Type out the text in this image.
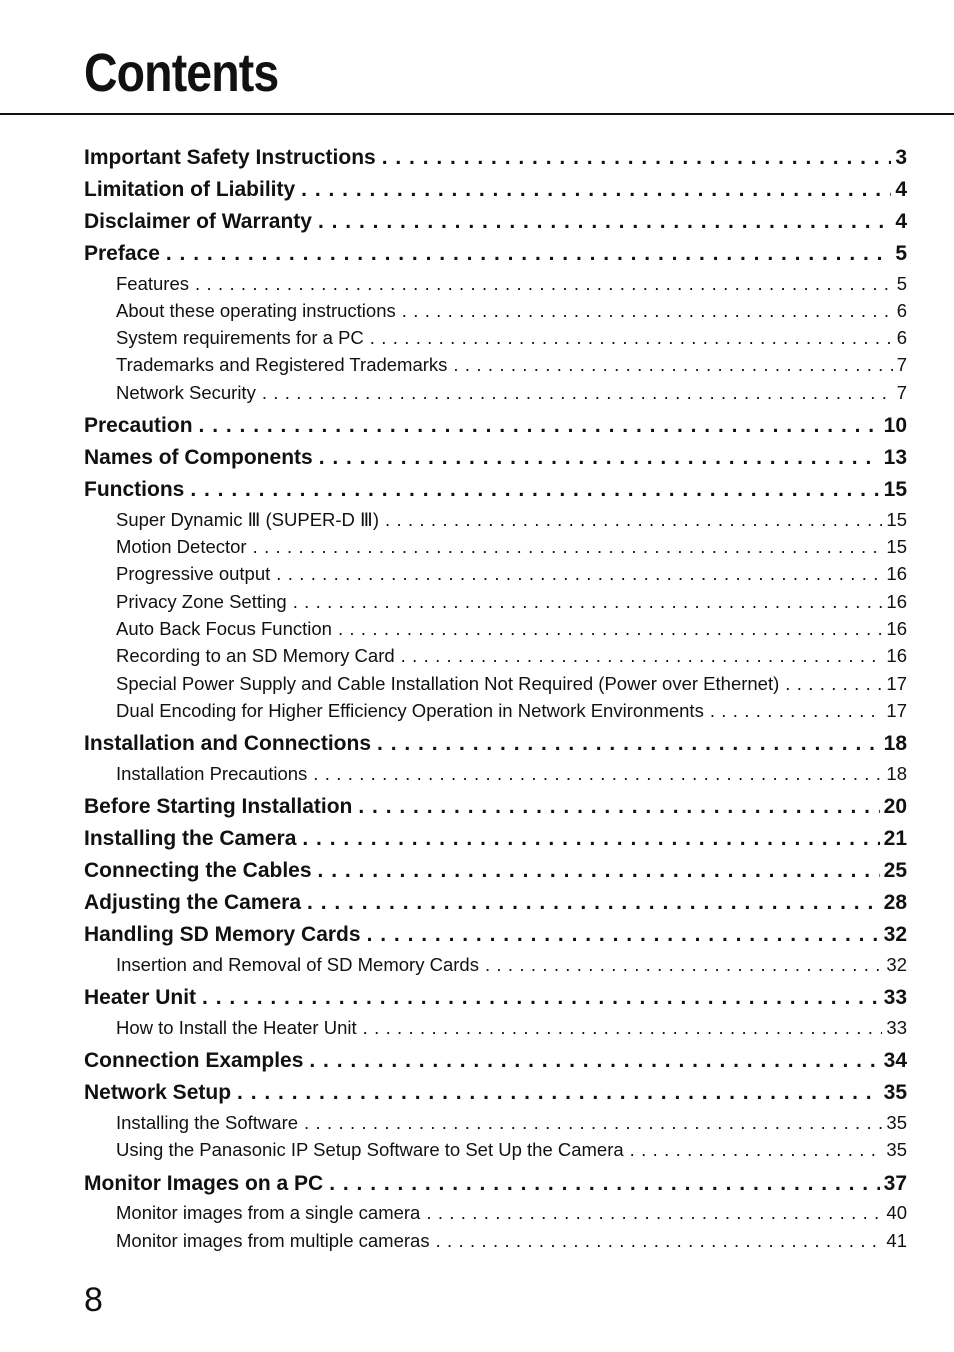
Contents
Important Safety Instructions . . .	3
Limitation of Liability . . .	4
Disclaimer of Warranty . . .	4
Preface . . .	5
Features . . .	5
About these operating instructions . . .	6
System requirements for a PC . . .	6
Trademarks and Registered Trademarks . . .	7
Network Security . . .	7
Precaution . . .	10
Names of Components . . .	13
Functions . . .	15
Super Dynamic Ⅲ (SUPER-D Ⅲ) . . .	15
Motion Detector . . .	15
Progressive output . . .	16
Privacy Zone Setting . . .	16
Auto Back Focus Function . . .	16
Recording to an SD Memory Card . . .	16
Special Power Supply and Cable Installation Not Required (Power over Ethernet) . . .	17
Dual Encoding for Higher Efficiency Operation in Network Environments . . .	17
Installation and Connections . . .	18
Installation Precautions . . .	18
Before Starting Installation . . .	20
Installing the Camera . . .	21
Connecting the Cables . . .	25
Adjusting the Camera . . .	28
Handling SD Memory Cards . . .	32
Insertion and Removal of SD Memory Cards . . .	32
Heater Unit . . .	33
How to Install the Heater Unit . . .	33
Connection Examples . . .	34
Network Setup . . .	35
Installing the Software . . .	35
Using the Panasonic IP Setup Software to Set Up the Camera . . .	35
Monitor Images on a PC . . .	37
Monitor images from a single camera . . .	40
Monitor images from multiple cameras . . .	41
8
